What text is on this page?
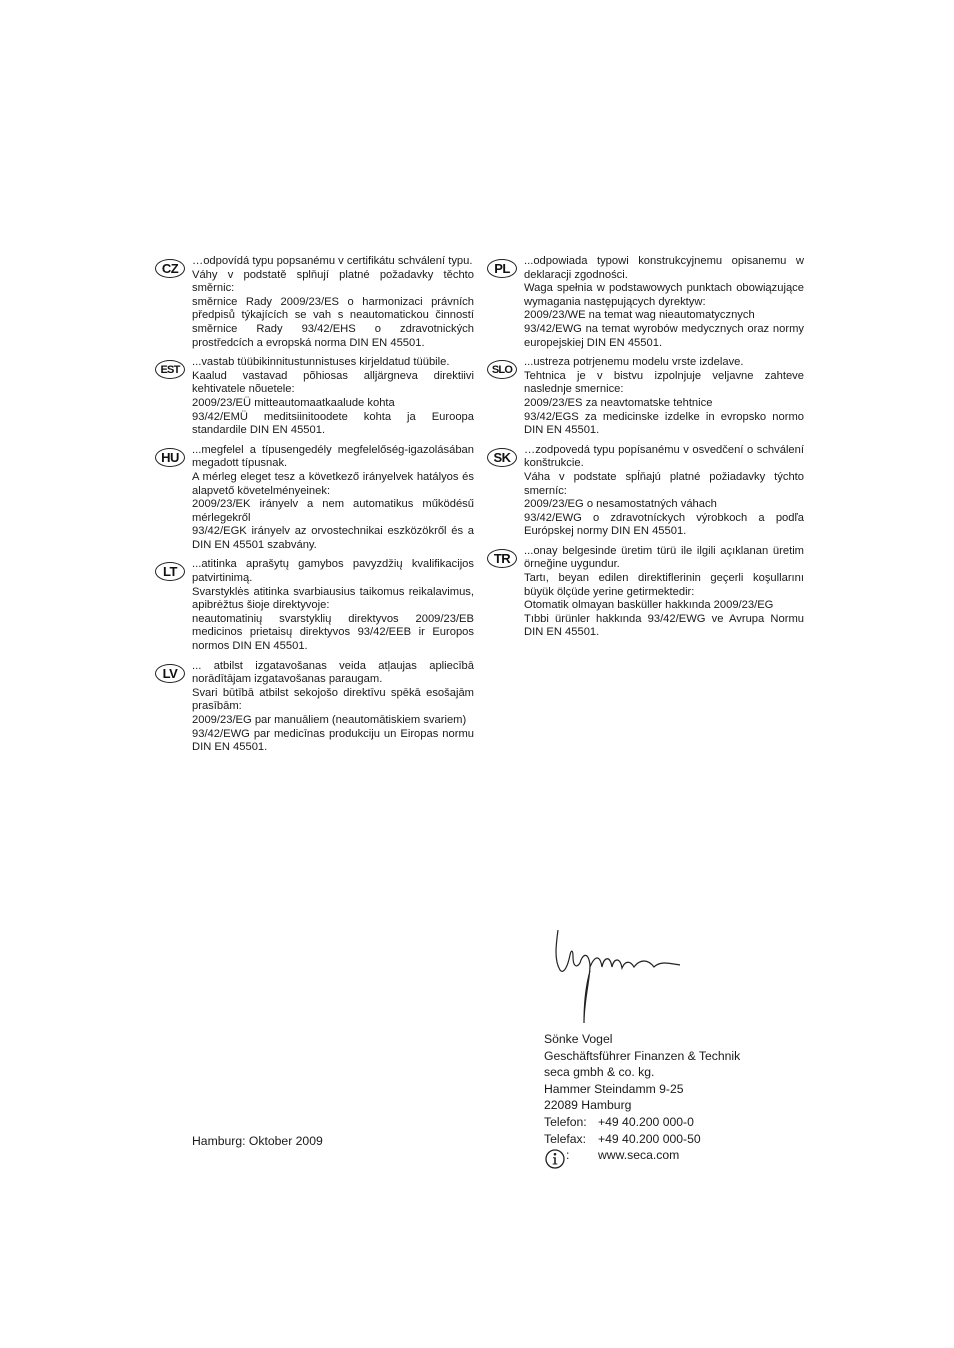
CZ	…odpovídá typu popsanému v certifikátu schválení typu.

Váhy v podstatě splňují platné požadavky těchto směrnic:

směrnice Rady 2009/23/ES o harmonizaci právních předpisů týkajících se vah s neautomatickou činností směrnice Rady 93/42/EHS o zdravotnických prostředcích a evropská norma DIN EN 45501.

EST

...vastab tüübikinnitustunnistuses kirjeldatud tüübile.

Kaalud vastavad põhiosas alljärgneva direktiivi kehtivatele nõuetele:

2009/23/EÜ mitteautomaatkaalude kohta

93/42/EMÜ meditsiinitoodete kohta ja Euroopa standardile DIN EN 45501.

HU	...megfelel a típusengedély megfelelőség-igazolásában megadott típusnak.

A mérleg eleget tesz a következő irányelvek hatályos és alapvető követelményeinek:

2009/23/EK irányelv a nem automatikus működésű mérlegekről

93/42/EGK irányelv az orvostechnikai eszközökről és a DIN EN 45501 szabvány.

LT	...atitinka aprašytų gamybos pavyzdžių kvalifikacijos patvirtinimą.

Svarstyklės atitinka svarbiausius taikomus reikalavimus, apibrėžtus šioje direktyvoje:

neautomatinių svarstyklių direktyvos 2009/23/EB medicinos prietaisų direktyvos 93/42/EEB ir Europos normos DIN EN 45501.

LV	... atbilst izgatavošanas veida atļaujas apliecībā norādītājam izgatavošanas paraugam.

Svari būtībā atbilst sekojošo direktīvu spēkā esošajām prasībām:

2009/23/EG par manuāliem (neautomātiskiem svariem)

93/42/EWG par medicīnas produkciju un Eiropas normu DIN EN 45501.

PL	...odpowiada typowi konstrukcyjnemu opisanemu w deklaracji zgodności.

Waga spełnia w podstawowych punktach obowiązujące wymagania następujących dyrektyw:

2009/23/WE na temat wag nieautomatycznych

93/42/EWG na temat wyrobów medycznych oraz normy europejskiej DIN EN 45501.

SLO

...ustreza potrjenemu modelu vrste izdelave.

Tehtnica je v bistvu izpolnjuje veljavne zahteve naslednje smernice:

2009/23/ES za neavtomatske tehtnice

93/42/EGS za medicinske izdelke in evropsko normo DIN EN 45501.

SK	…zodpovedá typu popísanému v osvedčení o schválení konštrukcie.

Váha v podstate spĺňajú platné požiadavky týchto smerníc:

2009/23/EG o nesamostatných váhach

93/42/EWG o zdravotníckych výrobkoch a podľa Európskej normy DIN EN 45501.

TR	...onay belgesinde üretim türü ile ilgili açıklanan üretim örneğine uygundur.

Tartı, beyan edilen direktiflerinin geçerli koşullarını büyük ölçüde yerine getirmektedir:

Otomatik olmayan basküller hakkında 2009/23/EG

Tıbbi ürünler hakkında 93/42/EWG ve Avrupa Normu DIN EN 45501.

Hamburg: Oktober 2009
Sönke Vogel
Geschäftsführer Finanzen & Technik
seca gmbh & co. kg.
Hammer Steindamm 9-25
22089 Hamburg
Telefon: +49 40.200 000-0
Telefax: +49 40.200 000-50
:	www.seca.com
